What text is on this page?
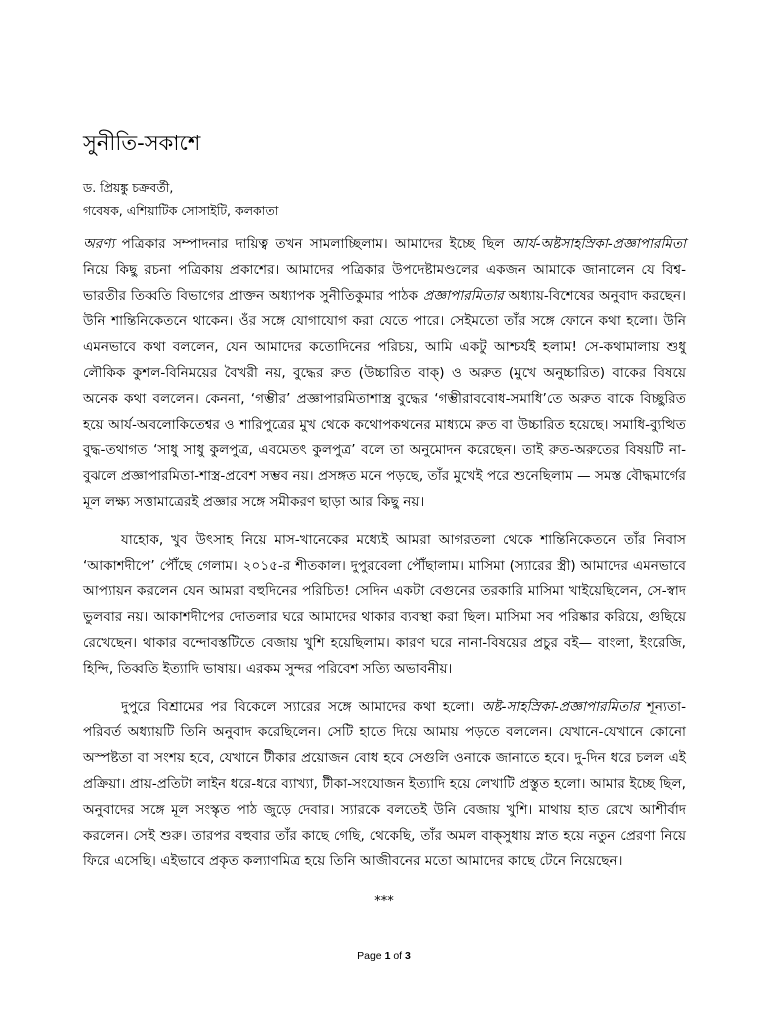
সুনীতি-সকাশে
ড. প্রিয়ঙ্কু চক্রবর্তী,
গবেষক, এশিয়াটিক সোসাইটি, কলকাতা

অরণ্য পত্রিকার সম্পাদনার দায়িত্ব তখন সামলাচ্ছিলাম। আমাদের ইচ্ছে ছিল আর্য-অষ্টসাহস্রিকা-প্রজ্ঞাপারমিতা নিয়ে কিছু রচনা পত্রিকায় প্রকাশের। আমাদের পত্রিকার উপদেষ্টামণ্ডলের একজন আমাকে জানালেন যে বিশ্ব-ভারতীর তিব্বতি বিভাগের প্রাক্তন অধ্যাপক সুনীতিকুমার পাঠক প্রজ্ঞাপারমিতার অধ্যায়-বিশেষের অনুবাদ করছেন। উনি শান্তিনিকেতনে থাকেন। ওঁর সঙ্গে যোগাযোগ করা যেতে পারে। সেইমতো তাঁর সঙ্গে ফোনে কথা হলো। উনি এমনভাবে কথা বললেন, যেন আমাদের কতোদিনের পরিচয়, আমি একটু আশ্চর্যই হলাম! সে-কথামালায় শুধু লৌকিক কুশল-বিনিময়ের বৈখরী নয়, বুদ্ধের রুত (উচ্চারিত বাক্) ও অরুত (মুখে অনুচ্চারিত) বাকের বিষয়ে অনেক কথা বললেন। কেননা, ‘গম্ভীর’ প্রজ্ঞাপারমিতাশাস্ত্র বুদ্ধের ‘গম্ভীরাববোধ-সমাধি’তে অরুত বাকে বিচ্ছুরিত হয়ে আর্য-অবলোকিতেশ্বর ও শারিপুত্রের মুখ থেকে কথোপকথনের মাধ্যমে রুত বা উচ্চারিত হয়েছে। সমাধি-ব্যুত্থিত বুদ্ধ-তথাগত ‘সাধু সাধু কুলপুত্র, এবমেতৎ কুলপুত্র’ বলে তা অনুমোদন করেছেন। তাই রুত-অরুতের বিষয়টি না-বুঝলে প্রজ্ঞাপারমিতা-শাস্ত্র-প্রবেশ সম্ভব নয়। প্রসঙ্গত মনে পড়ছে, তাঁর মুখেই পরে শুনেছিলাম — সমস্ত বৌদ্ধমার্গের মূল লক্ষ্য সত্তামাত্রেরই প্রজ্ঞার সঙ্গে সমীকরণ ছাড়া আর কিছু নয়।

যাহোক, খুব উৎসাহ নিয়ে মাস-খানেকের মধ্যেই আমরা আগরতলা থেকে শান্তিনিকেতনে তাঁর নিবাস ‘আকাশদীপে’ পৌঁছে গেলাম। ২০১৫-র শীতকাল। দুপুরবেলা পৌঁছালাম। মাসিমা (স্যারের স্ত্রী) আমাদের এমনভাবে আপ্যায়ন করলেন যেন আমরা বহুদিনের পরিচিত! সেদিন একটা বেগুনের তরকারি মাসিমা খাইয়েছিলেন, সে-স্বাদ ভুলবার নয়। আকাশদীপের দোতলার ঘরে আমাদের থাকার ব্যবস্থা করা ছিল। মাসিমা সব পরিষ্কার করিয়ে, গুছিয়ে রেখেছেন। থাকার বন্দোবস্তটিতে বেজায় খুশি হয়েছিলাম। কারণ ঘরে নানা-বিষয়ের প্রচুর বই— বাংলা, ইংরেজি, হিন্দি, তিব্বতি ইত্যাদি ভাষায়। এরকম সুন্দর পরিবেশ সত্যি অভাবনীয়।

দুপুরে বিশ্রামের পর বিকেলে স্যারের সঙ্গে আমাদের কথা হলো। অষ্ট-সাহস্রিকা-প্রজ্ঞাপারমিতার শূন্যতা-পরিবর্ত অধ্যায়টি তিনি অনুবাদ করেছিলেন। সেটি হাতে দিয়ে আমায় পড়তে বললেন। যেখানে-যেখানে কোনো অস্পষ্টতা বা সংশয় হবে, যেখানে টীকার প্রয়োজন বোধ হবে সেগুলি ওনাকে জানাতে হবে। দু-দিন ধরে চলল এই প্রক্রিয়া। প্রায়-প্রতিটা লাইন ধরে-ধরে ব্যাখ্যা, টীকা-সংযোজন ইত্যাদি হয়ে লেখাটি প্রস্তুত হলো। আমার ইচ্ছে ছিল, অনুবাদের সঙ্গে মূল সংস্কৃত পাঠ জুড়ে দেবার। স্যারকে বলতেই উনি বেজায় খুশি। মাথায় হাত রেখে আশীর্বাদ করলেন। সেই শুরু। তারপর বহুবার তাঁর কাছে গেছি, থেকেছি, তাঁর অমল বাক্‌সুধায় স্নাত হয়ে নতুন প্রেরণা নিয়ে ফিরে এসেছি। এইভাবে প্রকৃত কল্যাণমিত্র হয়ে তিনি আজীবনের মতো আমাদের কাছে টেনে নিয়েছেন।

***
Page 1 of 3
